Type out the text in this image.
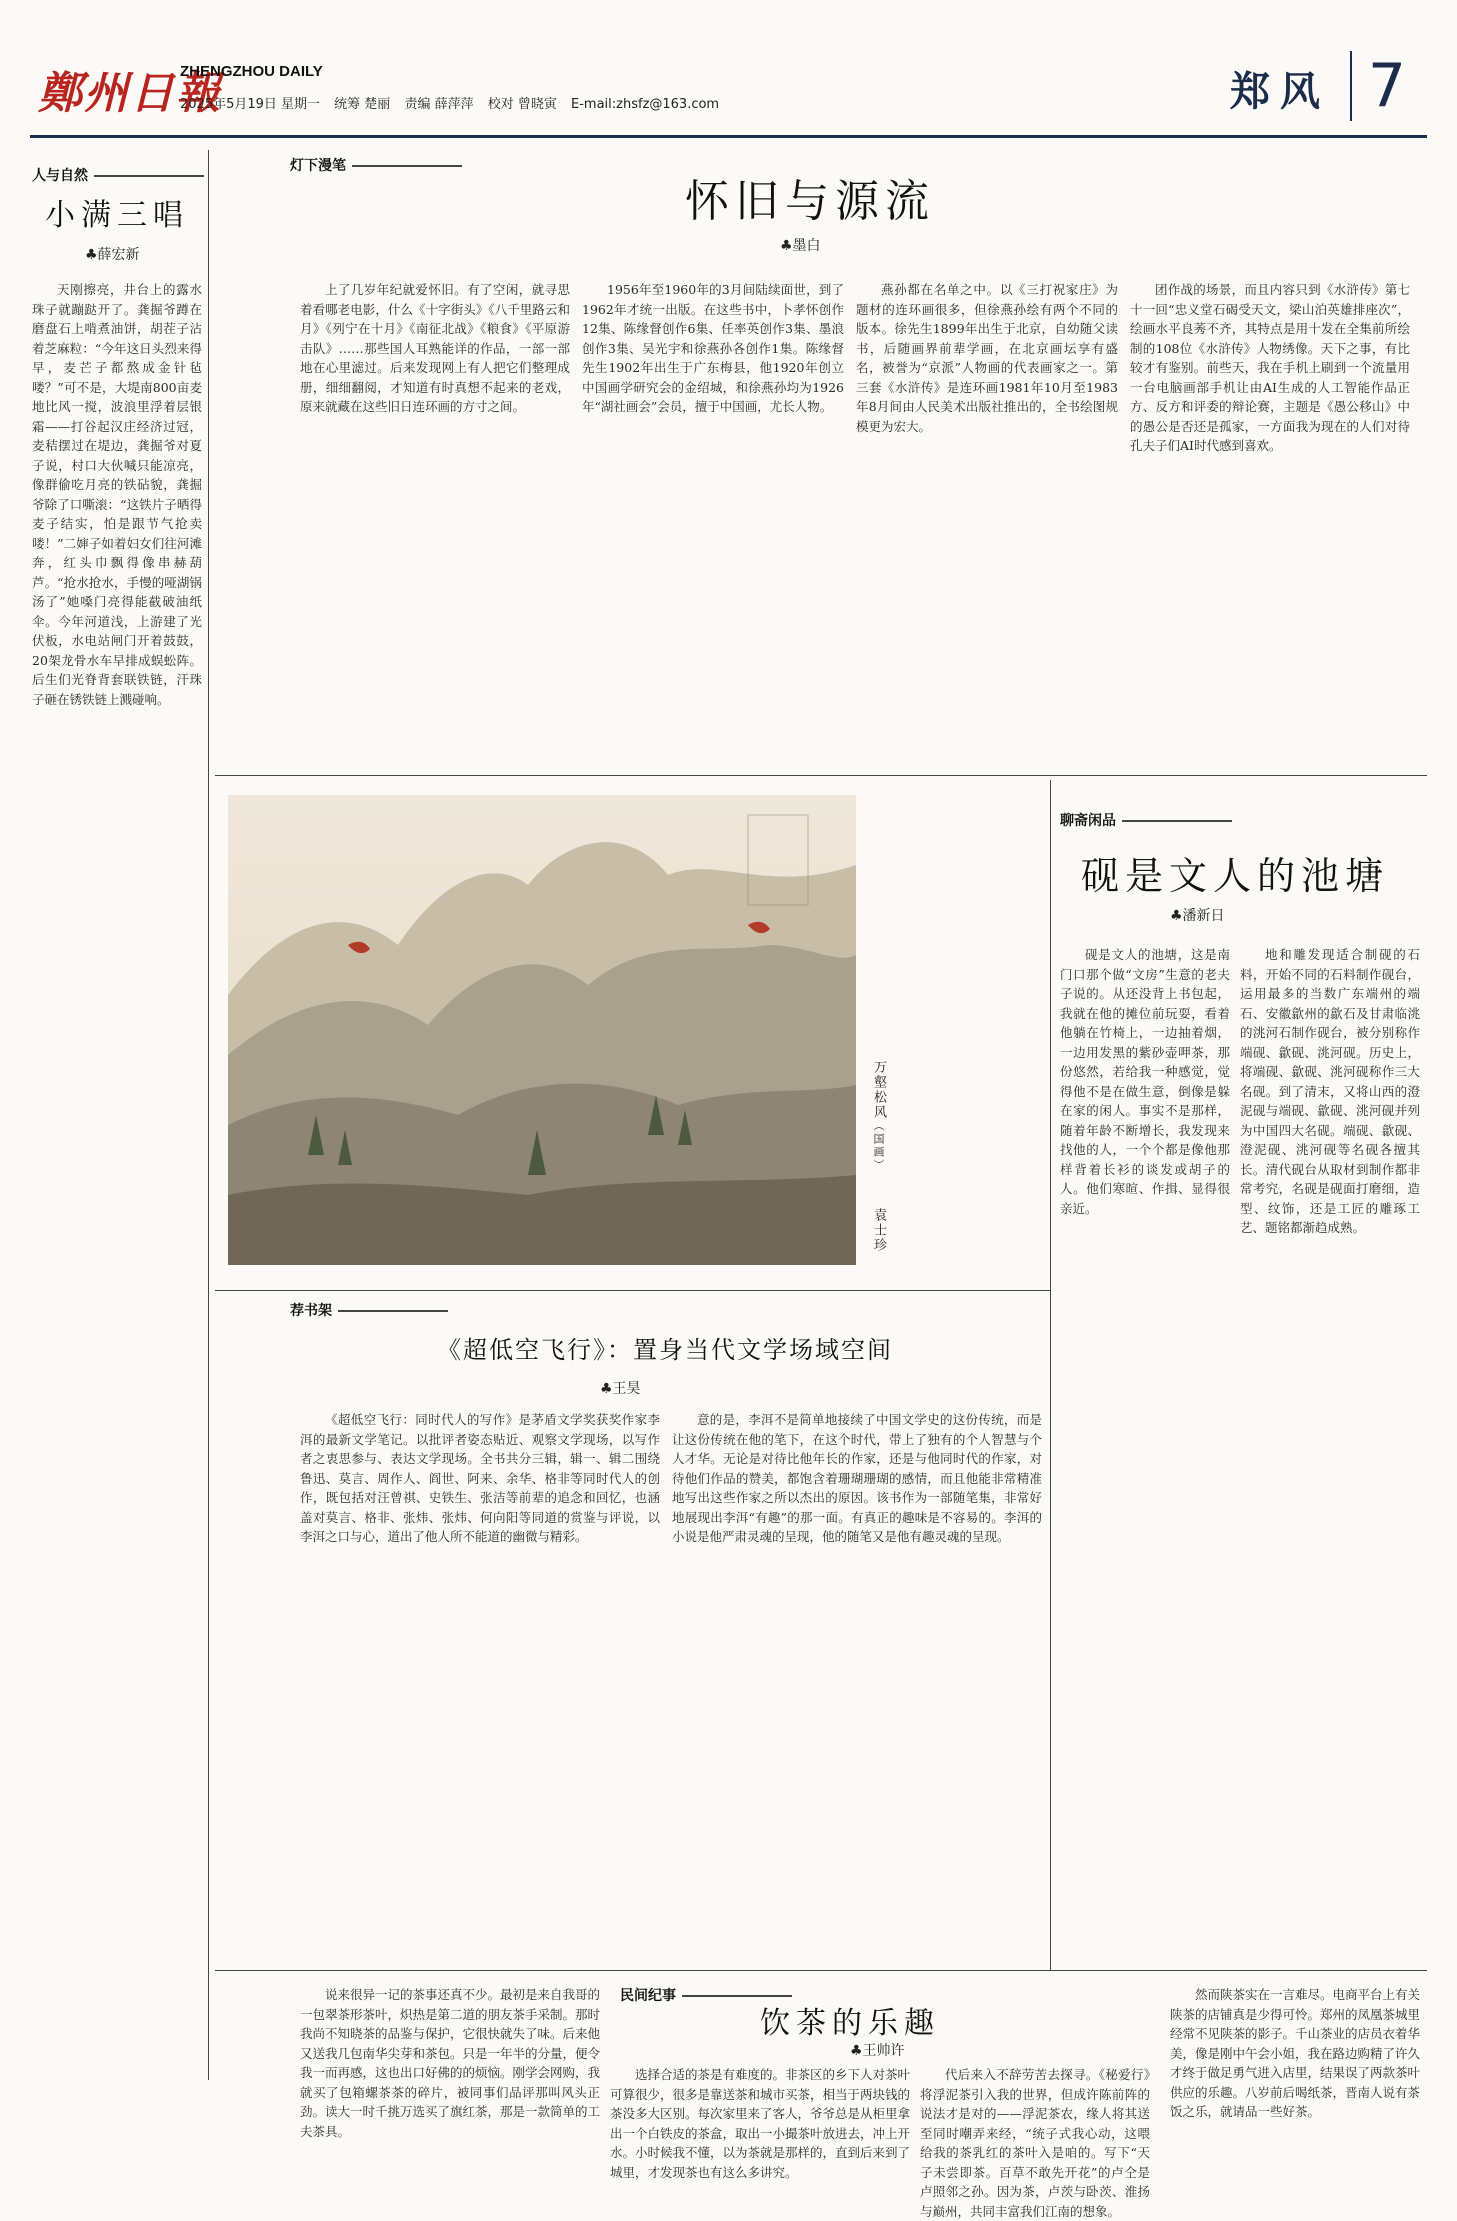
鄭州日報
ZHENGZHOU DAILY
2025年5月19日 星期一 统筹 楚丽 责编 薛萍萍 校对 曾晓寅 E-mail:zhsfz@163.com	郑风 7
人与自然
小满三唱
♣薛宏新
天刚擦亮，井台上的露水珠子就蹦跶开了。龚掘爷蹲在磨盘石上啃煮油饼，胡茬子沾着芝麻粒：“今年这日头烈来得早，麦芒子都熬成金针毡喽？”可不是，大堤南800亩麦地比风一搅，波浪里浮着层银霜——打谷起汉庄经济过冠，麦秸摆过在堤边，龚掘爷对夏子说，村口大伙喊只能凉亮，像群偷吃月亮的铁砧貌，龚掘爷除了口嘶滚：“这铁片子晒得麦子结实，怕是跟节气抢卖喽！”二婶子如着妇女们往河滩奔，红头巾飘得像串赫葫芦。“抢水抢水，手慢的哑湖锅汤了”她嗓门亮得能截破油纸伞。今年河道浅，上游建了光伏板，水电站闸门开着鼓鼓，20架龙骨水车早排成蜈蚣阵。后生们光脊背套联铁链，汗珠子砸在锈铁链上溅碰响。
灯下漫笔
怀旧与源流
♣墨白
上了几岁年纪就爱怀旧。有了空闲，就寻思着看哪老电影，什么《十字街头》《八千里路云和月》《列宁在十月》《南征北战》《粮食》《平原游击队》……那些国人耳熟能详的作品，一部一部地在心里滤过。后来发现网上有人把它们整理成册，细细翻阅，才知道有时真想不起来的老戏，原来就藏在这些旧日连环画的方寸之间。
1956年至1960年的3月间陆续面世，到了1962年才统一出版。在这些书中，卜孝怀创作12集、陈缘督创作6集、任率英创作3集、墨浪创作3集、吴光宇和徐燕孙各创作1集。陈缘督先生1902年出生于广东梅县，他1920年创立中国画学研究会的金绍城，和徐燕孙均为1926年“湖社画会”会员，擅于中国画，尤长人物。
燕孙都在名单之中。以《三打祝家庄》为题材的连环画很多，但徐燕孙绘有两个不同的版本。徐先生1899年出生于北京，自幼随父读书，后随画界前辈学画，在北京画坛享有盛名，被誉为“京派”人物画的代表画家之一。第三套《水浒传》是连环画1981年10月至1983年8月间由人民美术出版社推出的，全书绘图规模更为宏大。
团作战的场景，而且内容只到《水浒传》第七十一回“忠义堂石碣受天文，梁山泊英雄排座次”，绘画水平良莠不齐，其特点是用十发在全集前所绘制的108位《水浒传》人物绣像。天下之事，有比较才有鉴别。前些天，我在手机上刷到一个流量用一台电脑画部手机让由AI生成的人工智能作品正方、反方和评委的辩论赛，主题是《愚公移山》中的愚公是否还是孤家，一方面我为现在的人们对待孔夫子们AI时代感到喜欢。
万壑松风（国画） 袁士珍
聊斋闲品
砚是文人的池塘
♣潘新日
砚是文人的池塘，这是南门口那个做“文房”生意的老夫子说的。从还没背上书包起，我就在他的摊位前玩耍，看着他躺在竹椅上，一边抽着烟，一边用发黑的紫砂壶呷茶，那份悠然，若给我一种感觉，觉得他不是在做生意，倒像是躲在家的闲人。事实不是那样，随着年龄不断增长，我发现来找他的人，一个个都是像他那样背着长衫的谈发或胡子的人。他们寒暄、作揖、显得很亲近。
地和雕发现适合制砚的石料，开始不同的石料制作砚台，运用最多的当数广东端州的端石、安徽歙州的歙石及甘肃临洮的洮河石制作砚台，被分别称作端砚、歙砚、洮河砚。历史上，将端砚、歙砚、洮河砚称作三大名砚。到了清末，又将山西的澄泥砚与端砚、歙砚、洮河砚并列为中国四大名砚。端砚、歙砚、澄泥砚、洮河砚等名砚各擅其长。清代砚台从取材到制作都非常考究，名砚是砚面打磨细，造型、纹饰，还是工匠的雕琢工艺、题铭都渐趋成熟。
荐书架
《超低空飞行》：置身当代文学场域空间
♣王昊
《超低空飞行：同时代人的写作》是茅盾文学奖获奖作家李洱的最新文学笔记。以批评者姿态贴近、观察文学现场，以写作者之衷思参与、表达文学现场。全书共分三辑，辑一、辑二围绕鲁迅、莫言、周作人、阎世、阿来、余华、格非等同时代人的创作，既包括对汪曾祺、史铁生、张洁等前辈的追念和回忆，也涵盖对莫言、格非、张炜、张炜、何向阳等同道的赏鉴与评说，以李洱之口与心，道出了他人所不能道的幽微与精彩。
意的是，李洱不是简单地接续了中国文学史的这份传统，而是让这份传统在他的笔下，在这个时代，带上了独有的个人智慧与个人才华。无论是对待比他年长的作家，还是与他同时代的作家，对待他们作品的赞美，都饱含着珊瑚珊瑚的感情，而且他能非常精准地写出这些作家之所以杰出的原因。该书作为一部随笔集，非常好地展现出李洱“有趣”的那一面。有真正的趣味是不容易的。李洱的小说是他严肃灵魂的呈现，他的随笔又是他有趣灵魂的呈现。
民间纪事
饮茶的乐趣
♣王帅许
说来很异一记的茶事还真不少。最初是来自我哥的一包翠茶形茶叶，炽热是第二道的朋友茶手采制。那时我尚不知晓茶的品鉴与保护，它很快就失了味。后来他又送我几包南华尖芽和茶包。只是一年半的分量，便令我一而再感，这也出口好佛的的烦恼。刚学会网购，我就买了包箱螺茶茶的碎片，被同事们品评那叫风头正劲。读大一时千挑万选买了旗红茶，那是一款简单的工夫茶具。
选择合适的茶是有难度的。非茶区的乡下人对茶叶可算很少，很多是靠送茶和城市买茶，相当于两块钱的茶没多大区别。每次家里来了客人，爷爷总是从柜里拿出一个白铁皮的茶盒，取出一小撮茶叶放进去，冲上开水。小时候我不懂，以为茶就是那样的，直到后来到了城里，才发现茶也有这么多讲究。
代后来入不辞劳苦去探寻。《秘爱行》将浮泥茶引入我的世界，但成许陈前阵的说法才是对的——浮泥茶农，缘人将其送至同时嘲弄来经，“统子式我心动，这喂给我的茶乳红的茶叶入是咱的。写下“天子未尝即茶。百草不敢先开花”的卢仝是卢照邻之孙。因为茶，卢茨与卧茨、淮扬与巅州，共同丰富我们江南的想象。
然而陕茶实在一言难尽。电商平台上有关陕茶的店铺真是少得可怜。郑州的凤凰茶城里经常不见陕茶的影子。千山茶业的店员衣着华美，像是刚中午会小姐，我在路边购精了许久才终于做足勇气进入店里，结果误了两款茶叶供应的乐趣。八岁前后喝纸茶，晋南人说有茶饭之乐，就请品一些好茶。
